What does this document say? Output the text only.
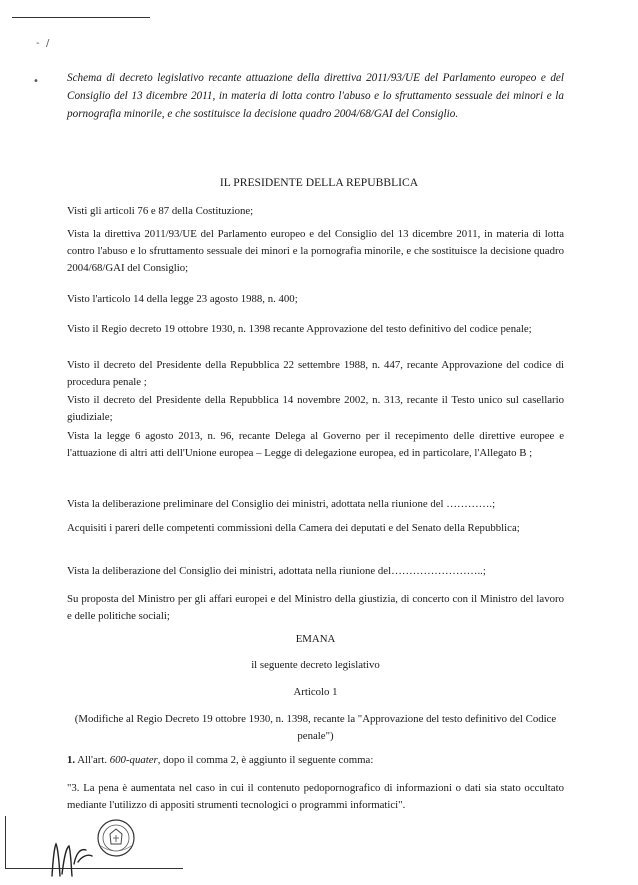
-  /
•	Schema di decreto legislativo recante attuazione della direttiva 2011/93/UE del Parlamento europeo e del Consiglio del 13 dicembre 2011, in materia di lotta contro l'abuso e lo sfruttamento sessuale dei minori e la pornografia minorile, e che sostituisce la decisione quadro 2004/68/GAI del Consiglio.

IL PRESIDENTE DELLA REPUBBLICA

Visti gli articoli 76 e 87 della Costituzione;

Vista la direttiva 2011/93/UE del Parlamento europeo e del Consiglio del 13 dicembre 2011, in materia di lotta contro l'abuso e lo sfruttamento sessuale dei minori e la pornografia minorile, e che sostituisce la decisione quadro 2004/68/GAI del Consiglio;

Visto l'articolo 14 della legge 23 agosto 1988, n. 400;

Visto il Regio decreto 19 ottobre 1930, n. 1398 recante Approvazione del testo definitivo del codice penale;

Visto il decreto del Presidente della Repubblica 22 settembre 1988, n. 447, recante Approvazione del codice di procedura penale ;

Visto il decreto del Presidente della Repubblica 14 novembre 2002, n. 313, recante il Testo unico sul casellario giudiziale;

Vista la legge 6 agosto 2013, n. 96, recante Delega al Governo per il recepimento delle direttive europee e l'attuazione di altri atti dell'Unione europea – Legge di delegazione europea, ed in particolare, l'Allegato B ;

Vista la deliberazione preliminare del Consiglio dei ministri, adottata nella riunione del ………….;

Acquisiti i pareri delle competenti commissioni della Camera dei deputati e del Senato della Repubblica;

Vista la deliberazione del Consiglio dei ministri, adottata nella riunione del……………………..;

Su proposta del Ministro per gli affari europei e del Ministro della giustizia, di concerto con il Ministro del lavoro e delle politiche sociali;

EMANA

il seguente decreto legislativo

Articolo 1

(Modifiche al Regio Decreto 19 ottobre 1930, n. 1398, recante la "Approvazione del testo definitivo del Codice penale")

1. All'art. 600-quater, dopo il comma 2, è aggiunto il seguente comma:

"3. La pena è aumentata nel caso in cui il contenuto pedopornografico di informazioni o dati sia stato occultato mediante l'utilizzo di appositi strumenti tecnologici o programmi informatici".
